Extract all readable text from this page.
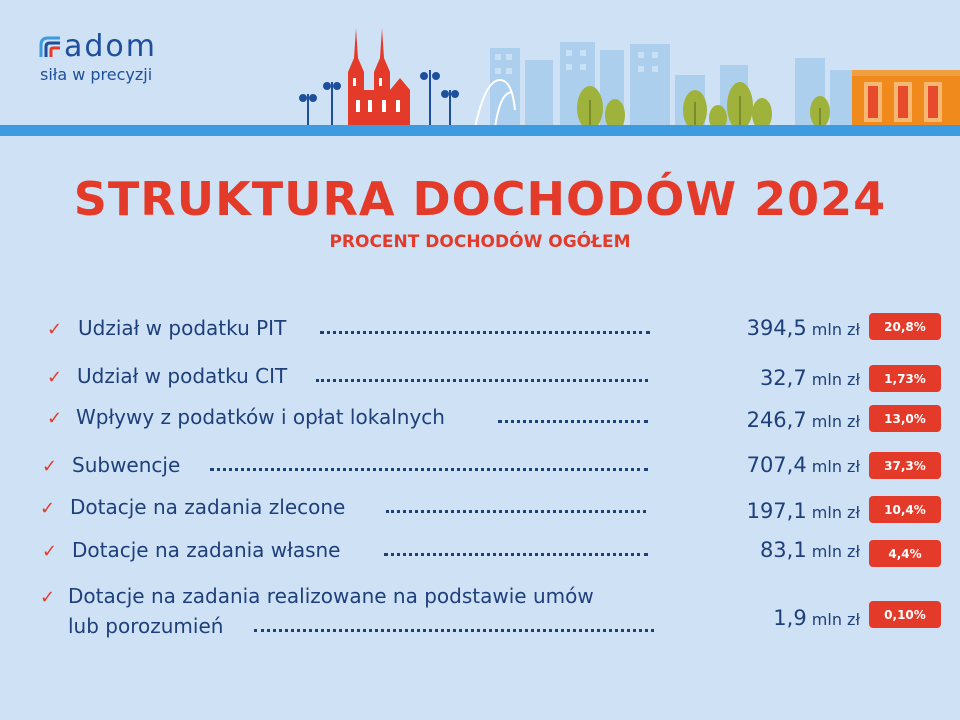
adom
siła w precyzji
STRUKTURA DOCHODÓW 2024
PROCENT DOCHODÓW OGÓŁEM
✓ Udział w podatku PIT	394,5 mln zł	20,8%
✓ Udział w podatku CIT	32,7 mln zł	1,73%
✓ Wpływy z podatków i opłat lokalnych	246,7 mln zł	13,0%
✓ Subwencje	707,4 mln zł	37,3%
✓ Dotacje na zadania zlecone	197,1 mln zł	10,4%
✓ Dotacje na zadania własne	83,1 mln zł	4,4%
✓ Dotacje na zadania realizowane na podstawie umów
lub porozumień	1,9 mln zł	0,10%
